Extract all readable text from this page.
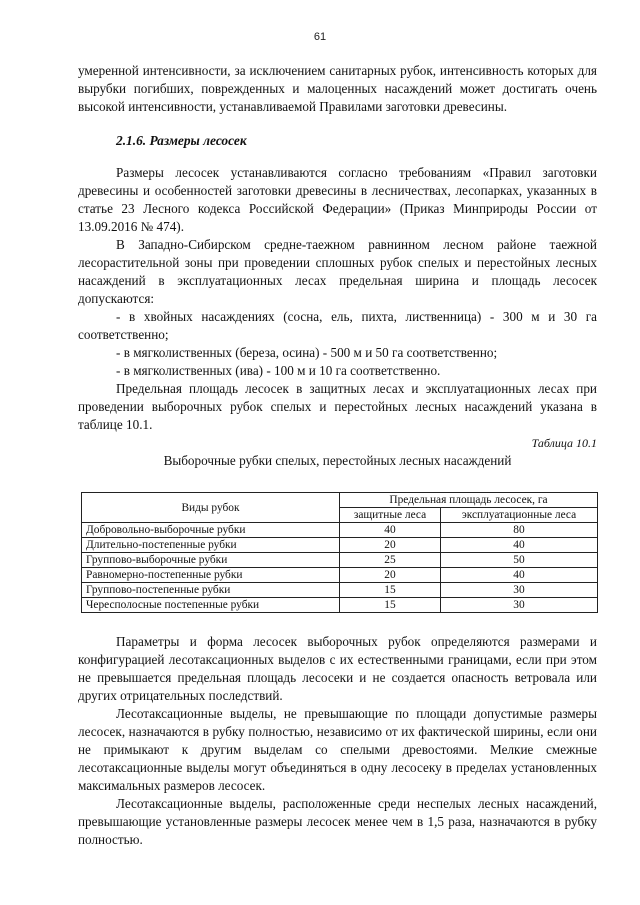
61

умеренной интенсивности, за исключением санитарных рубок, интенсивность которых для вырубки погибших, поврежденных и малоценных насаждений может достигать очень высокой интенсивности, устанавливаемой Правилами заготовки древесины.

2.1.6. Размеры лесосек

Размеры лесосек устанавливаются согласно требованиям «Правил заготовки древесины и особенностей заготовки древесины в лесничествах, лесопарках, указанных в статье 23 Лесного кодекса Российской Федерации» (Приказ Минприроды России от 13.09.2016 № 474).

В Западно-Сибирском средне-таежном равнинном лесном районе таежной лесорастительной зоны при проведении сплошных рубок спелых и перестойных лесных насаждений в эксплуатационных лесах предельная ширина и площадь лесосек допускаются:

- в хвойных насаждениях (сосна, ель, пихта, лиственница) - 300 м и 30 га соответственно;

- в мягколиственных (береза, осина) - 500 м и 50 га соответственно;

- в мягколиственных (ива) - 100 м и 10 га соответственно.

Предельная площадь лесосек в защитных лесах и эксплуатационных лесах при проведении выборочных рубок спелых и перестойных лесных насаждений указана в таблице 10.1.

Таблица 10.1
Выборочные рубки спелых, перестойных лесных насаждений
Виды рубок	Предельная площадь лесосек, га	
	защитные леса	эксплуатационные леса
Добровольно-выборочные рубки	40	80
Длительно-постепенные рубки	20	40
Группово-выборочные рубки	25	50
Равномерно-постепенные рубки	20	40
Группово-постепенные рубки	15	30
Чересполосные постепенные рубки	15	30

Параметры и форма лесосек выборочных рубок определяются размерами и конфигурацией лесотаксационных выделов с их естественными границами, если при этом не превышается предельная площадь лесосеки и не создается опасность ветровала или других отрицательных последствий.

Лесотаксационные выделы, не превышающие по площади допустимые размеры лесосек, назначаются в рубку полностью, независимо от их фактической ширины, если они не примыкают к другим выделам со спелыми древостоями. Мелкие смежные лесотаксационные выделы могут объединяться в одну лесосеку в пределах установленных максимальных размеров лесосек.

Лесотаксационные выделы, расположенные среди неспелых лесных насаждений, превышающие установленные размеры лесосек менее чем в 1,5 раза, назначаются в рубку полностью.
